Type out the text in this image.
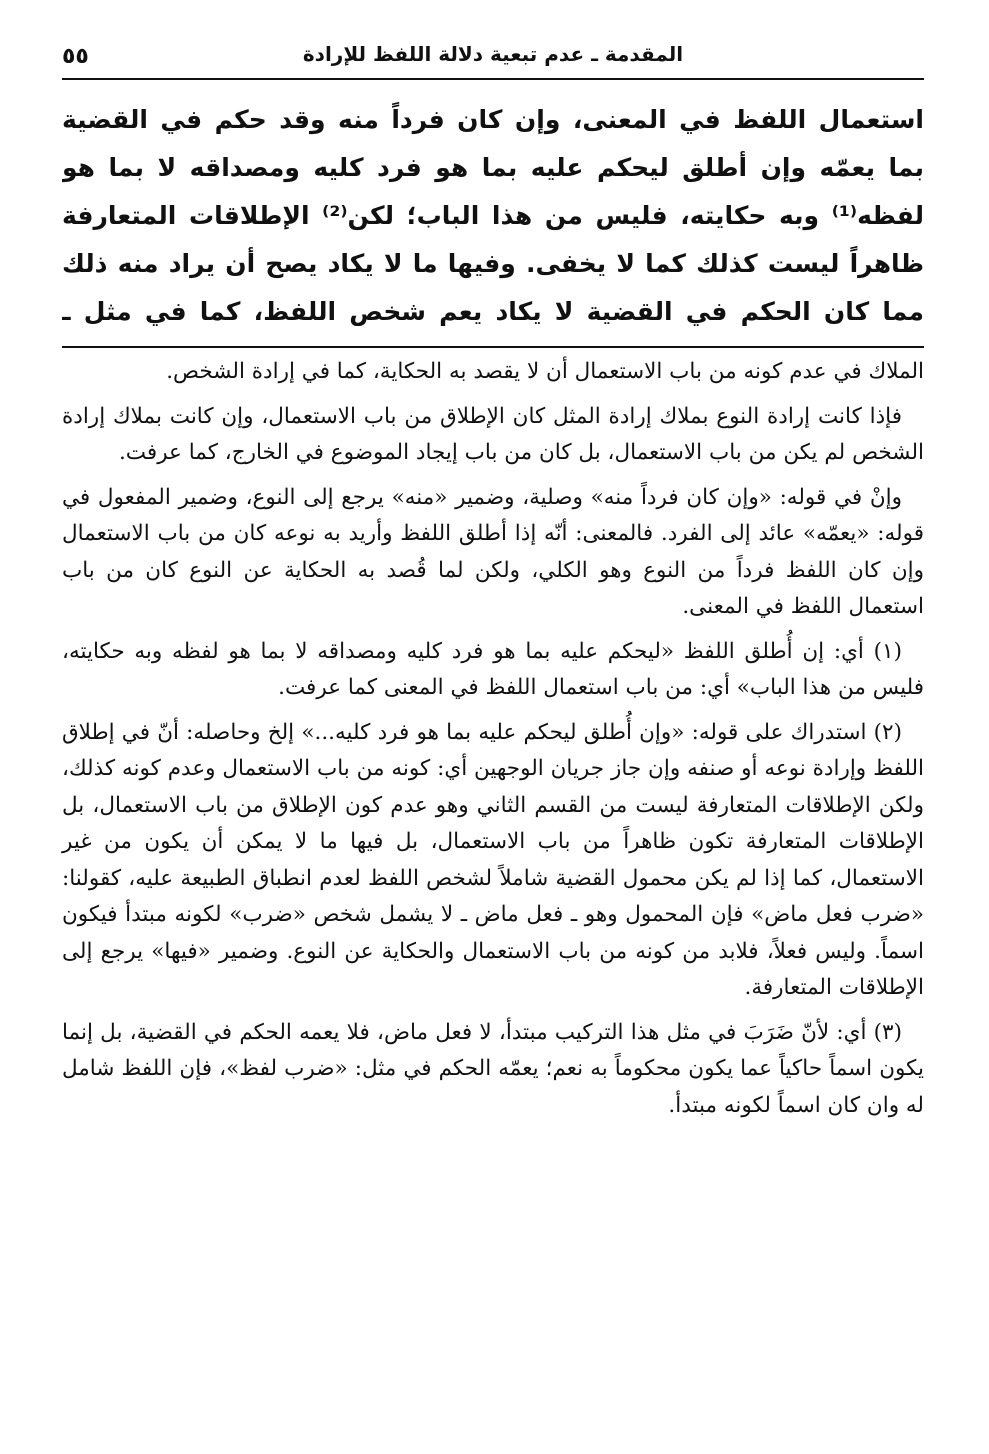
المقدمة ـ عدم تبعية دلالة اللفظ للإرادة
٥٥
استعمال اللفظ في المعنى، وإن كان فرداً منه وقد حكم في القضية بما يعمّه وإن أطلق ليحكم عليه بما هو فرد كليه ومصداقه لا بما هو لفظه⁽¹⁾ وبه حكايته، فليس من هذا الباب؛ لكن⁽²⁾ الإطلاقات المتعارفة ظاهراً ليست كذلك كما لا يخفى. وفيها ما لا يكاد يصح أن يراد منه ذلك مما كان الحكم في القضية لا يكاد يعم شخص اللفظ، كما في مثل ـ

الملاك في عدم كونه من باب الاستعمال أن لا يقصد به الحكاية، كما في إرادة الشخص.

فإذا كانت إرادة النوع بملاك إرادة المثل كان الإطلاق من باب الاستعمال، وإن كانت بملاك إرادة الشخص لم يكن من باب الاستعمال، بل كان من باب إيجاد الموضوع في الخارج، كما عرفت.

وإنْ في قوله: «وإن كان فرداً منه» وصلية، وضمير «منه» يرجع إلى النوع، وضمير المفعول في قوله: «يعمّه» عائد إلى الفرد. فالمعنى: أنّه إذا أطلق اللفظ وأريد به نوعه كان من باب الاستعمال وإن كان اللفظ فرداً من النوع وهو الكلي، ولكن لما قُصد به الحكاية عن النوع كان من باب استعمال اللفظ في المعنى.

(١) أي: إن أُطلق اللفظ «ليحكم عليه بما هو فرد كليه ومصداقه لا بما هو لفظه وبه حكايته، فليس من هذا الباب» أي: من باب استعمال اللفظ في المعنى كما عرفت.

(٢) استدراك على قوله: «وإن أُطلق ليحكم عليه بما هو فرد كليه...» إلخ وحاصله: أنّ في إطلاق اللفظ وإرادة نوعه أو صنفه وإن جاز جريان الوجهين أي: كونه من باب الاستعمال وعدم كونه كذلك، ولكن الإطلاقات المتعارفة ليست من القسم الثاني وهو عدم كون الإطلاق من باب الاستعمال، بل الإطلاقات المتعارفة تكون ظاهراً من باب الاستعمال، بل فيها ما لا يمكن أن يكون من غير الاستعمال، كما إذا لم يكن محمول القضية شاملاً لشخص اللفظ لعدم انطباق الطبيعة عليه، كقولنا: «ضرب فعل ماض» فإن المحمول وهو ـ فعل ماض ـ لا يشمل شخص «ضرب» لكونه مبتدأ فيكون اسماً. وليس فعلاً، فلابد من كونه من باب الاستعمال والحكاية عن النوع. وضمير «فيها» يرجع إلى الإطلاقات المتعارفة.

(٣) أي: لأنّ ضَرَبَ في مثل هذا التركيب مبتدأ، لا فعل ماض، فلا يعمه الحكم في القضية، بل إنما يكون اسماً حاكياً عما يكون محكوماً به نعم؛ يعمّه الحكم في مثل: «ضرب لفظ»، فإن اللفظ شامل له وان كان اسماً لكونه مبتدأ.
